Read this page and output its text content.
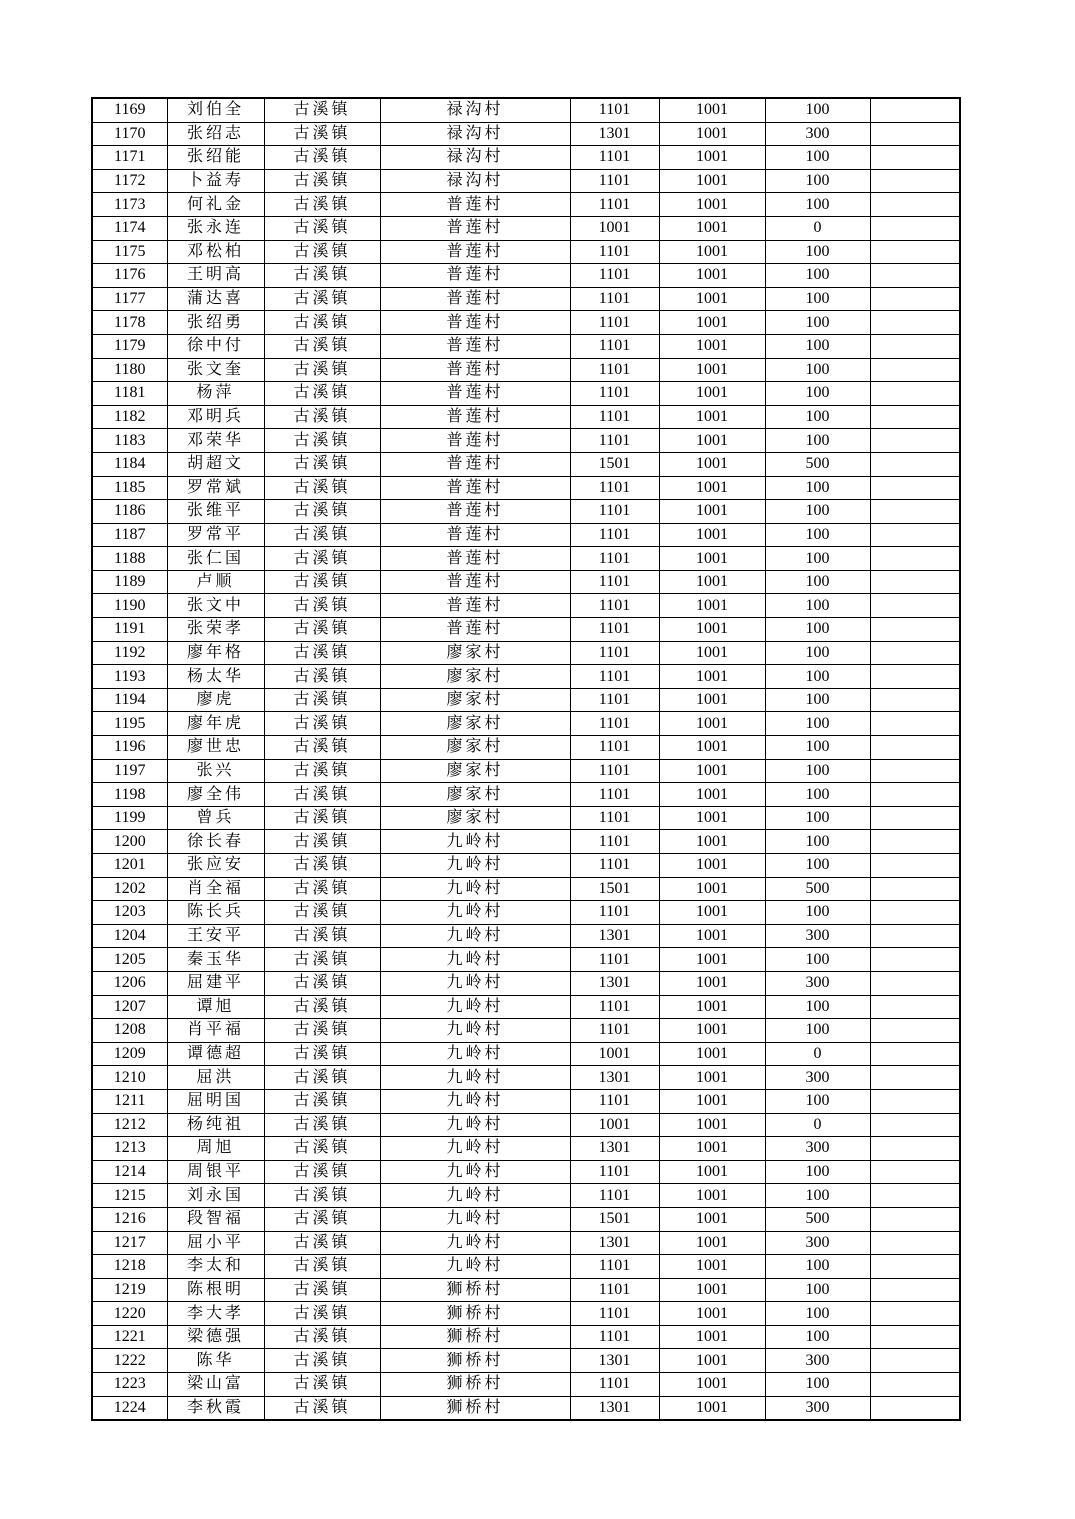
1169	刘伯全	古溪镇	禄沟村	1101	1001	100	
1170	张绍志	古溪镇	禄沟村	1301	1001	300	
1171	张绍能	古溪镇	禄沟村	1101	1001	100	
1172	卜益寿	古溪镇	禄沟村	1101	1001	100	
1173	何礼金	古溪镇	普莲村	1101	1001	100	
1174	张永连	古溪镇	普莲村	1001	1001	0	
1175	邓松柏	古溪镇	普莲村	1101	1001	100	
1176	王明高	古溪镇	普莲村	1101	1001	100	
1177	蒲达喜	古溪镇	普莲村	1101	1001	100	
1178	张绍勇	古溪镇	普莲村	1101	1001	100	
1179	徐中付	古溪镇	普莲村	1101	1001	100	
1180	张文奎	古溪镇	普莲村	1101	1001	100	
1181	杨萍	古溪镇	普莲村	1101	1001	100	
1182	邓明兵	古溪镇	普莲村	1101	1001	100	
1183	邓荣华	古溪镇	普莲村	1101	1001	100	
1184	胡超文	古溪镇	普莲村	1501	1001	500	
1185	罗常斌	古溪镇	普莲村	1101	1001	100	
1186	张维平	古溪镇	普莲村	1101	1001	100	
1187	罗常平	古溪镇	普莲村	1101	1001	100	
1188	张仁国	古溪镇	普莲村	1101	1001	100	
1189	卢顺	古溪镇	普莲村	1101	1001	100	
1190	张文中	古溪镇	普莲村	1101	1001	100	
1191	张荣孝	古溪镇	普莲村	1101	1001	100	
1192	廖年格	古溪镇	廖家村	1101	1001	100	
1193	杨太华	古溪镇	廖家村	1101	1001	100	
1194	廖虎	古溪镇	廖家村	1101	1001	100	
1195	廖年虎	古溪镇	廖家村	1101	1001	100	
1196	廖世忠	古溪镇	廖家村	1101	1001	100	
1197	张兴	古溪镇	廖家村	1101	1001	100	
1198	廖全伟	古溪镇	廖家村	1101	1001	100	
1199	曾兵	古溪镇	廖家村	1101	1001	100	
1200	徐长春	古溪镇	九岭村	1101	1001	100	
1201	张应安	古溪镇	九岭村	1101	1001	100	
1202	肖全福	古溪镇	九岭村	1501	1001	500	
1203	陈长兵	古溪镇	九岭村	1101	1001	100	
1204	王安平	古溪镇	九岭村	1301	1001	300	
1205	秦玉华	古溪镇	九岭村	1101	1001	100	
1206	屈建平	古溪镇	九岭村	1301	1001	300	
1207	谭旭	古溪镇	九岭村	1101	1001	100	
1208	肖平福	古溪镇	九岭村	1101	1001	100	
1209	谭德超	古溪镇	九岭村	1001	1001	0	
1210	屈洪	古溪镇	九岭村	1301	1001	300	
1211	屈明国	古溪镇	九岭村	1101	1001	100	
1212	杨纯祖	古溪镇	九岭村	1001	1001	0	
1213	周旭	古溪镇	九岭村	1301	1001	300	
1214	周银平	古溪镇	九岭村	1101	1001	100	
1215	刘永国	古溪镇	九岭村	1101	1001	100	
1216	段智福	古溪镇	九岭村	1501	1001	500	
1217	屈小平	古溪镇	九岭村	1301	1001	300	
1218	李太和	古溪镇	九岭村	1101	1001	100	
1219	陈根明	古溪镇	狮桥村	1101	1001	100	
1220	李大孝	古溪镇	狮桥村	1101	1001	100	
1221	梁德强	古溪镇	狮桥村	1101	1001	100	
1222	陈华	古溪镇	狮桥村	1301	1001	300	
1223	梁山富	古溪镇	狮桥村	1101	1001	100	
1224	李秋霞	古溪镇	狮桥村	1301	1001	300	
